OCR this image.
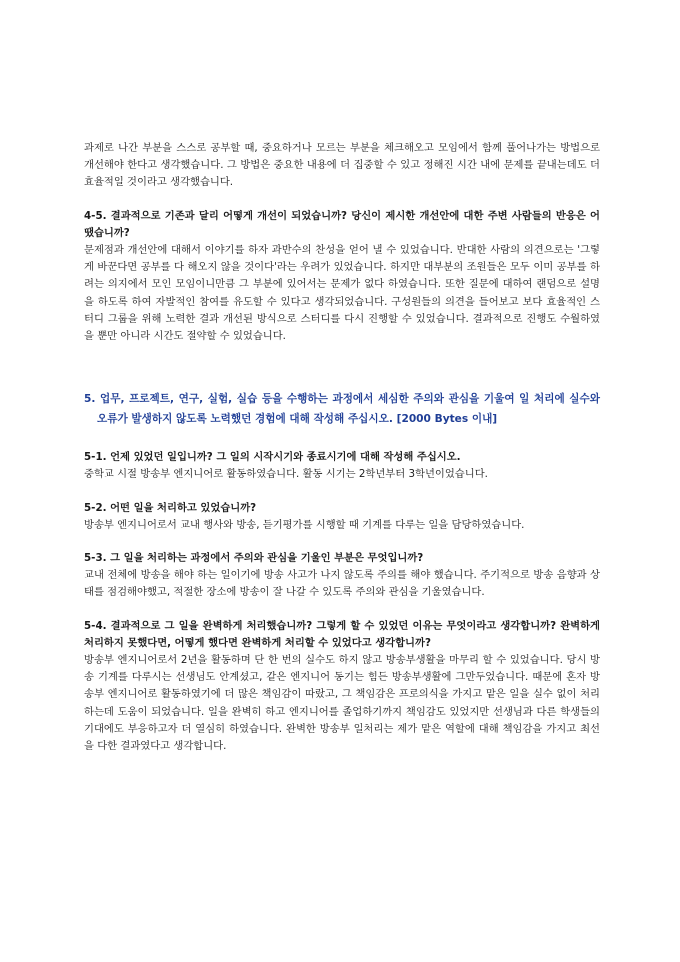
과제로 나간 부분을 스스로 공부할 때, 중요하거나 모르는 부분을 체크해오고 모임에서 함께 풀어나가는 방법으로 개선해야 한다고 생각했습니다. 그 방법은 중요한 내용에 더 집중할 수 있고 정해진 시간 내에 문제를 끝내는데도 더 효율적일 것이라고 생각했습니다.

4-5. 결과적으로 기존과 달리 어떻게 개선이 되었습니까? 당신이 제시한 개선안에 대한 주변 사람들의 반응은 어땠습니까?

문제점과 개선안에 대해서 이야기를 하자 과반수의 찬성을 얻어 낼 수 있었습니다. 반대한 사람의 의견으로는 '그렇게 바꾼다면 공부를 다 해오지 않을 것이다'라는 우려가 있었습니다. 하지만 대부분의 조원들은 모두 이미 공부를 하려는 의지에서 모인 모임이니만큼 그 부분에 있어서는 문제가 없다 하였습니다. 또한 질문에 대하여 랜덤으로 설명을 하도록 하여 자발적인 참여를 유도할 수 있다고 생각되었습니다. 구성원들의 의견을 들어보고 보다 효율적인 스터디 그룹을 위해 노력한 결과 개선된 방식으로 스터디를 다시 진행할 수 있었습니다. 결과적으로 진행도 수월하였을 뿐만 아니라 시간도 절약할 수 있었습니다.

5. 업무, 프로젝트, 연구, 실험, 실습 등을 수행하는 과정에서 세심한 주의와 관심을 기울여 일 처리에 실수와 오류가 발생하지 않도록 노력했던 경험에 대해 작성해 주십시오. [2000 Bytes 이내]

5-1. 언제 있었던 일입니까? 그 일의 시작시기와 종료시기에 대해 작성해 주십시오.

중학교 시절 방송부 엔지니어로 활동하였습니다. 활동 시기는 2학년부터 3학년이었습니다.

5-2. 어떤 일을 처리하고 있었습니까?

방송부 엔지니어로서 교내 행사와 방송, 듣기평가를 시행할 때 기계를 다루는 일을 담당하였습니다.

5-3. 그 일을 처리하는 과정에서 주의와 관심을 기울인 부분은 무엇입니까?

교내 전체에 방송을 해야 하는 일이기에 방송 사고가 나지 않도록 주의를 해야 했습니다. 주기적으로 방송 음향과 상태를 점검해야했고, 적절한 장소에 방송이 잘 나갈 수 있도록 주의와 관심을 기울였습니다.

5-4. 결과적으로 그 일을 완벽하게 처리했습니까? 그렇게 할 수 있었던 이유는 무엇이라고 생각합니까? 완벽하게 처리하지 못했다면, 어떻게 했다면 완벽하게 처리할 수 있었다고 생각합니까?

방송부 엔지니어로서 2년을 활동하며 단 한 번의 실수도 하지 않고 방송부생활을 마무리 할 수 있었습니다. 당시 방송 기계를 다루시는 선생님도 안계셨고, 같은 엔지니어 동기는 힘든 방송부생활에 그만두었습니다. 때문에 혼자 방송부 엔지니어로 활동하였기에 더 많은 책임감이 따랐고, 그 책임감은 프로의식을 가지고 맡은 일을 실수 없이 처리하는데 도움이 되었습니다. 일을 완벽히 하고 엔지니어를 졸업하기까지 책임감도 있었지만 선생님과 다른 학생들의 기대에도 부응하고자 더 열심히 하였습니다. 완벽한 방송부 일처리는 제가 맡은 역할에 대해 책임감을 가지고 최선을 다한 결과였다고 생각합니다.
